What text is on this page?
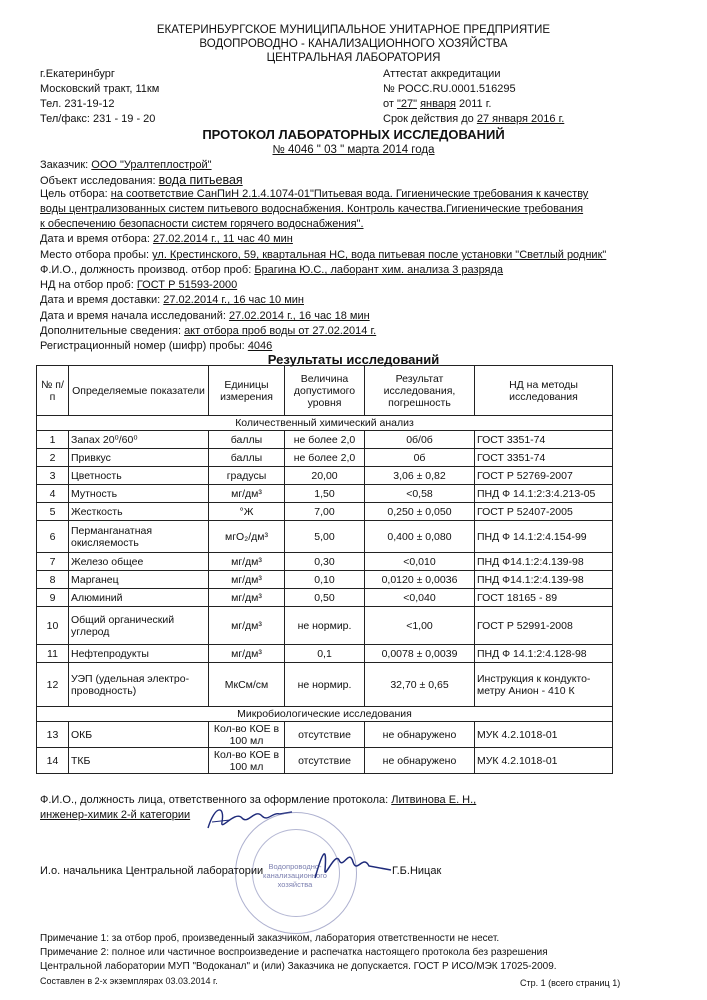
ЕКАТЕРИНБУРГСКОЕ МУНИЦИПАЛЬНОЕ УНИТАРНОЕ ПРЕДПРИЯТИЕ
ВОДОПРОВОДНО - КАНАЛИЗАЦИОННОГО ХОЗЯЙСТВА
ЦЕНТРАЛЬНАЯ ЛАБОРАТОРИЯ
г.Екатеринбург
Московский тракт, 11км
Тел. 231-19-12
Тел/факс: 231 - 19 - 20
Аттестат аккредитации
№ РОСС.RU.0001.516295
от "27" января 2011 г.
Срок действия до 27 января 2016 г.
ПРОТОКОЛ ЛАБОРАТОРНЫХ ИССЛЕДОВАНИЙ
№ 4046 " 03 " марта 2014 года
Заказчик: ООО "Уралтеплострой"
Объект исследования: вода питьевая
Цель отбора: на соответствие СанПиН 2.1.4.1074-01"Питьевая вода. Гигиенические требования к качеству
воды централизованных систем питьевого водоснабжения. Контроль качества.Гигиенические требования
к обеспечению безопасности систем горячего водоснабжения".
Дата и время отбора: 27.02.2014 г., 11 час 40 мин
Место отбора пробы: ул. Крестинского, 59, квартальная НС, вода питьевая после установки "Светлый родник"
Ф.И.О., должность производ. отбор проб: Брагина Ю.С., лаборант хим. анализа 3 разряда
НД на отбор проб: ГОСТ Р 51593-2000
Дата и время доставки: 27.02.2014 г., 16 час 10 мин
Дата и время начала исследований: 27.02.2014 г., 16 час 18 мин
Дополнительные сведения: акт отбора проб воды от 27.02.2014 г.
Регистрационный номер (шифр) пробы: 4046
Результаты исследований
№ п/п	Определяемые показатели	Единицы измерения	Величина допустимого уровня	Результат исследования, погрешность	НД на методы исследования
Количественный химический анализ					
1	Запах 20⁰/60⁰	баллы	не более 2,0	0б/0б	ГОСТ 3351-74
2	Привкус	баллы	не более 2,0	0б	ГОСТ 3351-74
3	Цветность	градусы	20,00	3,06 ± 0,82	ГОСТ Р 52769-2007
4	Мутность	мг/дм³	1,50	<0,58	ПНД Ф 14.1:2:3:4.213-05
5	Жесткость	°Ж	7,00	0,250 ± 0,050	ГОСТ Р 52407-2005
6	Перманганатная окисляемость	мгО₂/дм³	5,00	0,400 ± 0,080	ПНД Ф 14.1:2:4.154-99
7	Железо общее	мг/дм³	0,30	<0,010	ПНД Ф14.1:2:4.139-98
8	Марганец	мг/дм³	0,10	0,0120 ± 0,0036	ПНД Ф14.1:2:4.139-98
9	Алюминий	мг/дм³	0,50	<0,040	ГОСТ 18165 - 89
10	Общий органический углерод	мг/дм³	не нормир.	<1,00	ГОСТ Р 52991-2008
11	Нефтепродукты	мг/дм³	0,1	0,0078 ± 0,0039	ПНД Ф 14.1:2:4.128-98
12	УЭП (удельная электро-проводность)	МкСм/см	не нормир.	32,70 ± 0,65	Инструкция к кондукто-метру Анион - 410 К
Микробиологические исследования					
13	ОКБ	Кол-во КОЕ в 100 мл	отсутствие	не обнаружено	МУК 4.2.1018-01
14	ТКБ	Кол-во КОЕ в 100 мл	отсутствие	не обнаружено	МУК 4.2.1018-01
Ф.И.О., должность лица, ответственного за оформление протокола: Литвинова Е. Н.,
инженер-химик 2-й категории
Водопроводно-канализационного хозяйства
И.о. начальника Центральной лаборатории	Г.Б.Ницак
Примечание 1: за отбор проб, произведенный заказчиком, лаборатория ответственности не несет.
Примечание 2: полное или частичное воспроизведение и распечатка настоящего протокола без разрешения
Центральной лаборатории МУП "Водоканал" и (или) Заказчика не допускается. ГОСТ Р ИСО/МЭК 17025-2009.
Составлен в 2-х экземплярах 03.03.2014 г.	Стр. 1 (всего страниц 1)
